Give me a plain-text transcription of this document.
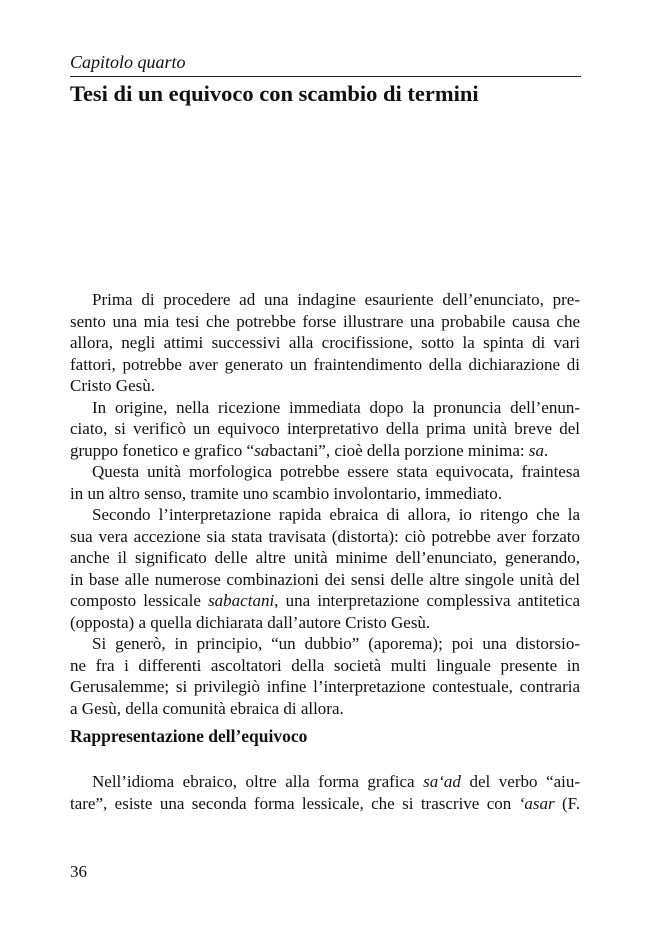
Capitolo quarto
Tesi di un equivoco con scambio di termini
Prima di procedere ad una indagine esauriente dell’enunciato, pre-
sento una mia tesi che potrebbe forse illustrare una probabile causa che
allora, negli attimi successivi alla crocifissione, sotto la spinta di vari
fattori, potrebbe aver generato un fraintendimento della dichiarazione di
Cristo Gesù.
In origine, nella ricezione immediata dopo la pronuncia dell’enun-
ciato, si verificò un equivoco interpretativo della prima unità breve del
gruppo fonetico e grafico “sabactani”, cioè della porzione minima: sa.
Questa unità morfologica potrebbe essere stata equivocata, fraintesa
in un altro senso, tramite uno scambio involontario, immediato.
Secondo l’interpretazione rapida ebraica di allora, io ritengo che la
sua vera accezione sia stata travisata (distorta): ciò potrebbe aver forzato
anche il significato delle altre unità minime dell’enunciato, generando,
in base alle numerose combinazioni dei sensi delle altre singole unità del
composto lessicale sabactani, una interpretazione complessiva antitetica
(opposta) a quella dichiarata dall’autore Cristo Gesù.
Si generò, in principio, “un dubbio” (aporema); poi una distorsio-
ne fra i differenti ascoltatori della società multi linguale presente in
Gerusalemme; si privilegiò infine l’interpretazione contestuale, contraria
a Gesù, della comunità ebraica di allora.
Rappresentazione dell’equivoco
Nell’idioma ebraico, oltre alla forma grafica sa‘ad del verbo “aiu-
tare”, esiste una seconda forma lessicale, che si trascrive con ‘asar (F.
36
